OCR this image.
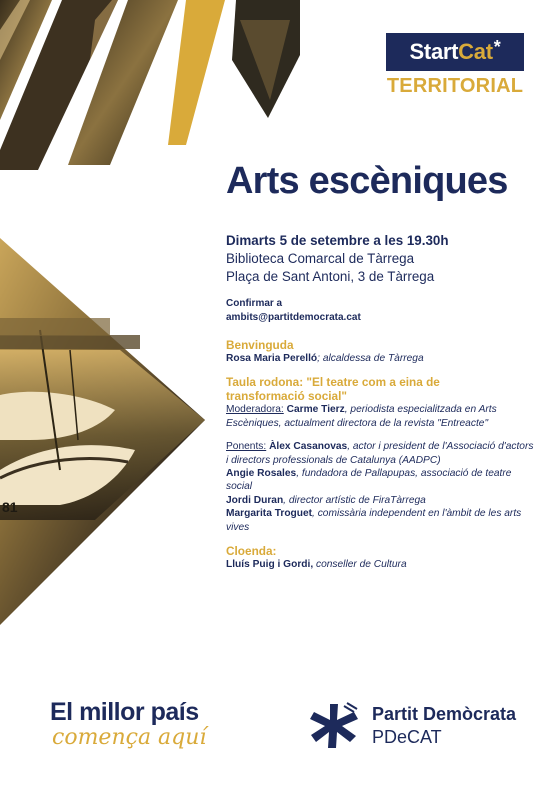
81
Start Cat *
TERRITORIAL
Arts escèniques
Dimarts 5 de setembre a les 19.30h
Biblioteca Comarcal de Tàrrega
Plaça de Sant Antoni, 3 de Tàrrega
Confirmar a
ambits@partitdemocrata.cat
Benvinguda

Rosa Maria Perelló; alcaldessa de Tàrrega

Taula rodona: "El teatre com a eina de
transformació social"

Moderadora: Carme Tierz, periodista especialitzada en Arts Escèniques, actualment directora de la revista "Entreacte"

Ponents: Àlex Casanovas, actor i president de l'Associació d'actors i directors professionals de Catalunya (AADPC)

Angie Rosales, fundadora de Pallapupas, associació de teatre social

Jordi Duran, director artístic de FiraTàrrega

Margarita Troguet, comissària independent en l'àmbit de les arts vives

Cloenda:

Lluís Puig i Gordi, conseller de Cultura

El millor país
comença aquí
Partit Demòcrata
PDeCAT
